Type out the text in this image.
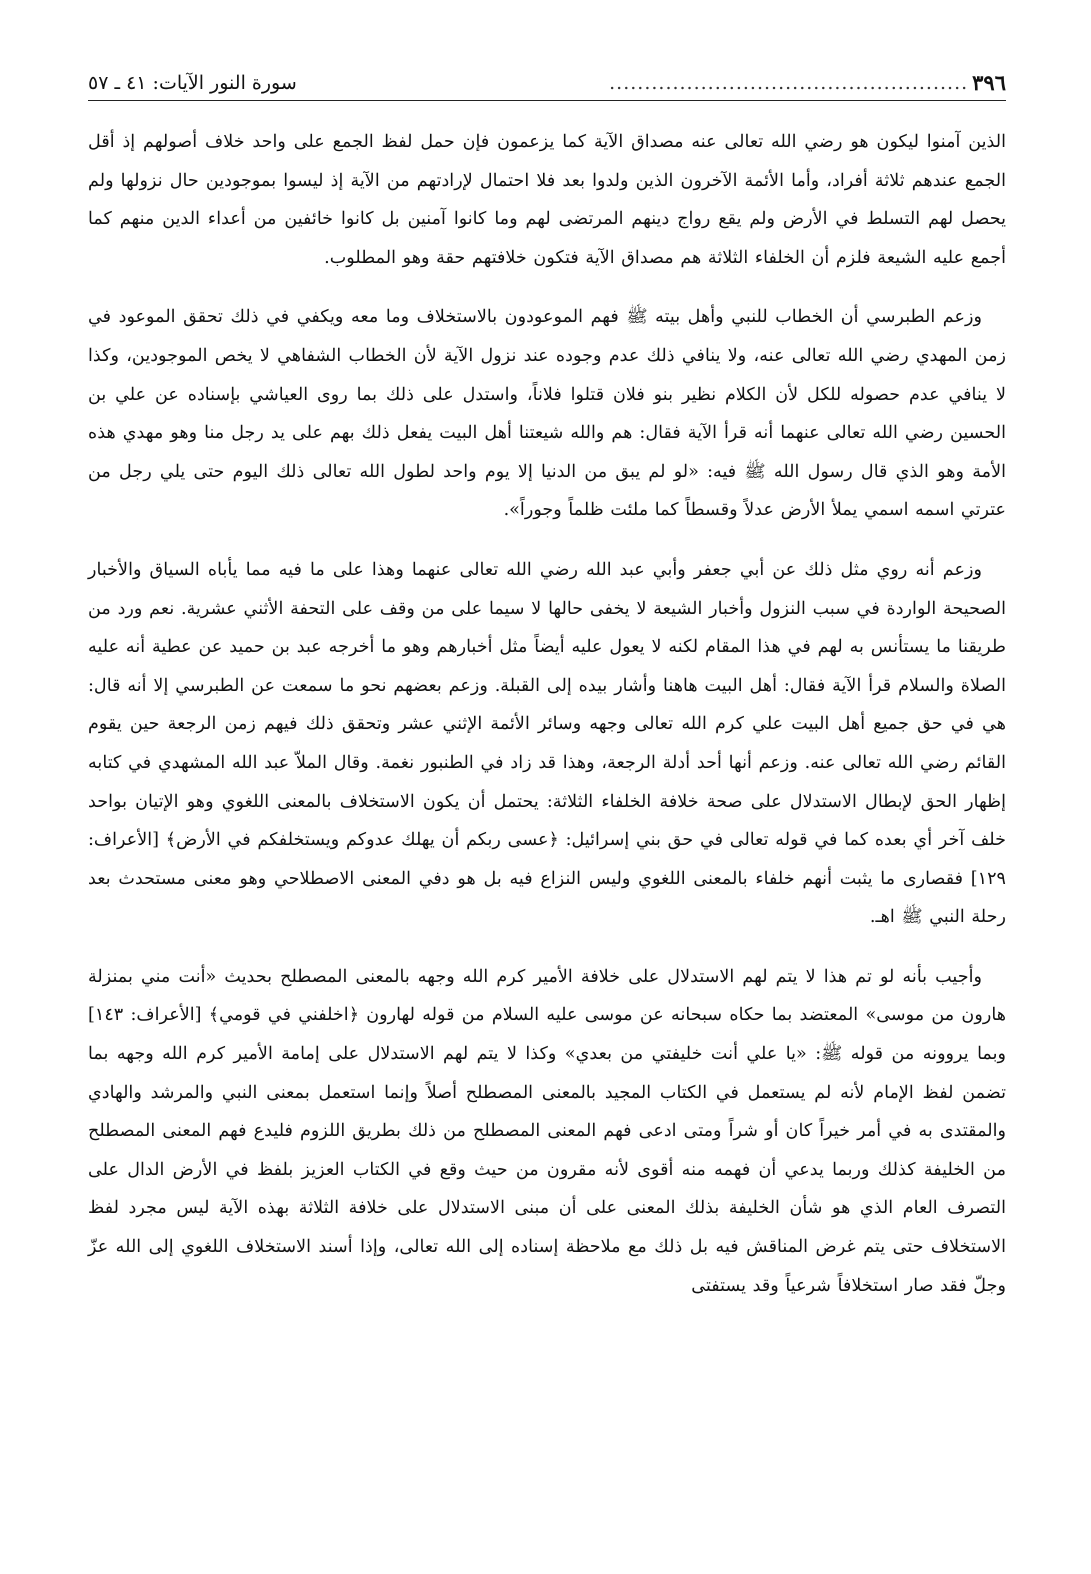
٣٩٦
...................................................
سورة النور الآيات: ٤١ ـ ٥٧

الذين آمنوا ليكون هو رضي الله تعالى عنه مصداق الآية كما يزعمون فإن حمل لفظ الجمع على واحد خلاف أصولهم إذ أقل الجمع عندهم ثلاثة أفراد، وأما الأئمة الآخرون الذين ولدوا بعد فلا احتمال لإرادتهم من الآية إذ ليسوا بموجودين حال نزولها ولم يحصل لهم التسلط في الأرض ولم يقع رواج دينهم المرتضى لهم وما كانوا آمنين بل كانوا خائفين من أعداء الدين منهم كما أجمع عليه الشيعة فلزم أن الخلفاء الثلاثة هم مصداق الآية فتكون خلافتهم حقة وهو المطلوب.

وزعم الطبرسي أن الخطاب للنبي وأهل بيته ﷺ فهم الموعودون بالاستخلاف وما معه ويكفي في ذلك تحقق الموعود في زمن المهدي رضي الله تعالى عنه، ولا ينافي ذلك عدم وجوده عند نزول الآية لأن الخطاب الشفاهي لا يخص الموجودين، وكذا لا ينافي عدم حصوله للكل لأن الكلام نظير بنو فلان قتلوا فلاناً، واستدل على ذلك بما روى العياشي بإسناده عن علي بن الحسين رضي الله تعالى عنهما أنه قرأ الآية فقال: هم والله شيعتنا أهل البيت يفعل ذلك بهم على يد رجل منا وهو مهدي هذه الأمة وهو الذي قال رسول الله ﷺ فيه: «لو لم يبق من الدنيا إلا يوم واحد لطول الله تعالى ذلك اليوم حتى يلي رجل من عترتي اسمه اسمي يملأ الأرض عدلاً وقسطاً كما ملئت ظلماً وجوراً».

وزعم أنه روي مثل ذلك عن أبي جعفر وأبي عبد الله رضي الله تعالى عنهما وهذا على ما فيه مما يأباه السياق والأخبار الصحيحة الواردة في سبب النزول وأخبار الشيعة لا يخفى حالها لا سيما على من وقف على التحفة الأثني عشرية. نعم ورد من طريقنا ما يستأنس به لهم في هذا المقام لكنه لا يعول عليه أيضاً مثل أخبارهم وهو ما أخرجه عبد بن حميد عن عطية أنه عليه الصلاة والسلام قرأ الآية فقال: أهل البيت هاهنا وأشار بيده إلى القبلة. وزعم بعضهم نحو ما سمعت عن الطبرسي إلا أنه قال: هي في حق جميع أهل البيت علي كرم الله تعالى وجهه وسائر الأئمة الإثني عشر وتحقق ذلك فيهم زمن الرجعة حين يقوم القائم رضي الله تعالى عنه. وزعم أنها أحد أدلة الرجعة، وهذا قد زاد في الطنبور نغمة. وقال الملاّ عبد الله المشهدي في كتابه إظهار الحق لإبطال الاستدلال على صحة خلافة الخلفاء الثلاثة: يحتمل أن يكون الاستخلاف بالمعنى اللغوي وهو الإتيان بواحد خلف آخر أي بعده كما في قوله تعالى في حق بني إسرائيل: ﴿عسى ربكم أن يهلك عدوكم ويستخلفكم في الأرض﴾ [الأعراف: ١٢٩] فقصارى ما يثبت أنهم خلفاء بالمعنى اللغوي وليس النزاع فيه بل هو دفي المعنى الاصطلاحي وهو معنى مستحدث بعد رحلة النبي ﷺ اهـ.

وأجيب بأنه لو تم هذا لا يتم لهم الاستدلال على خلافة الأمير كرم الله وجهه بالمعنى المصطلح بحديث «أنت مني بمنزلة هارون من موسى» المعتضد بما حكاه سبحانه عن موسى عليه السلام من قوله لهارون ﴿اخلفني في قومي﴾ [الأعراف: ١٤٣] وبما يروونه من قوله ﷺ: «يا علي أنت خليفتي من بعدي» وكذا لا يتم لهم الاستدلال على إمامة الأمير كرم الله وجهه بما تضمن لفظ الإمام لأنه لم يستعمل في الكتاب المجيد بالمعنى المصطلح أصلاً وإنما استعمل بمعنى النبي والمرشد والهادي والمقتدى به في أمر خيراً كان أو شراً ومتى ادعى فهم المعنى المصطلح من ذلك بطريق اللزوم فليدع فهم المعنى المصطلح من الخليفة كذلك وربما يدعي أن فهمه منه أقوى لأنه مقرون من حيث وقع في الكتاب العزيز بلفظ في الأرض الدال على التصرف العام الذي هو شأن الخليفة بذلك المعنى على أن مبنى الاستدلال على خلافة الثلاثة بهذه الآية ليس مجرد لفظ الاستخلاف حتى يتم غرض المناقش فيه بل ذلك مع ملاحظة إسناده إلى الله تعالى، وإذا أسند الاستخلاف اللغوي إلى الله عزّ وجلّ فقد صار استخلافاً شرعياً وقد يستفتى
